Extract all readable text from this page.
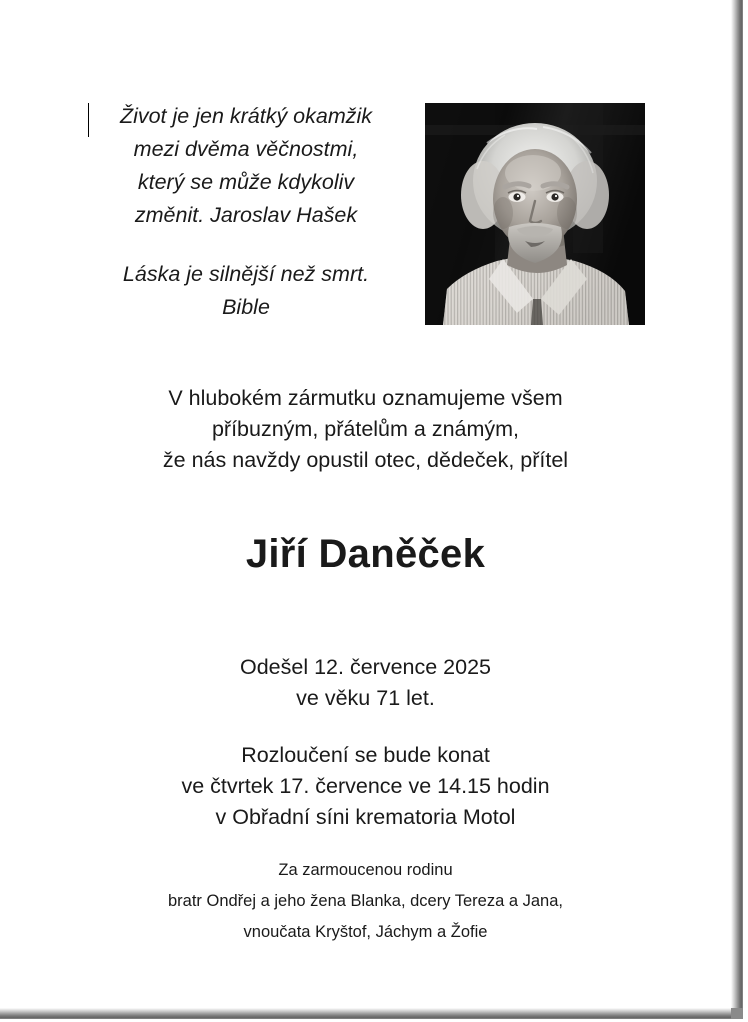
Život je jen krátký okamžik
mezi dvěma věčnostmi,
který se může kdykoliv
změnit. Jaroslav Hašek
Láska je silnější než smrt.
Bible
V hlubokém zármutku oznamujeme všem
příbuzným, přátelům a známým,
že nás navždy opustil otec, dědeček, přítel
Jiří Daněček
Odešel 12. července 2025
ve věku 71 let.
Rozloučení se bude konat
ve čtvrtek 17. července ve 14.15 hodin
v Obřadní síni krematoria Motol
Za zarmoucenou rodinu
bratr Ondřej a jeho žena Blanka, dcery Tereza a Jana,
vnoučata Kryštof, Jáchym a Žofie
